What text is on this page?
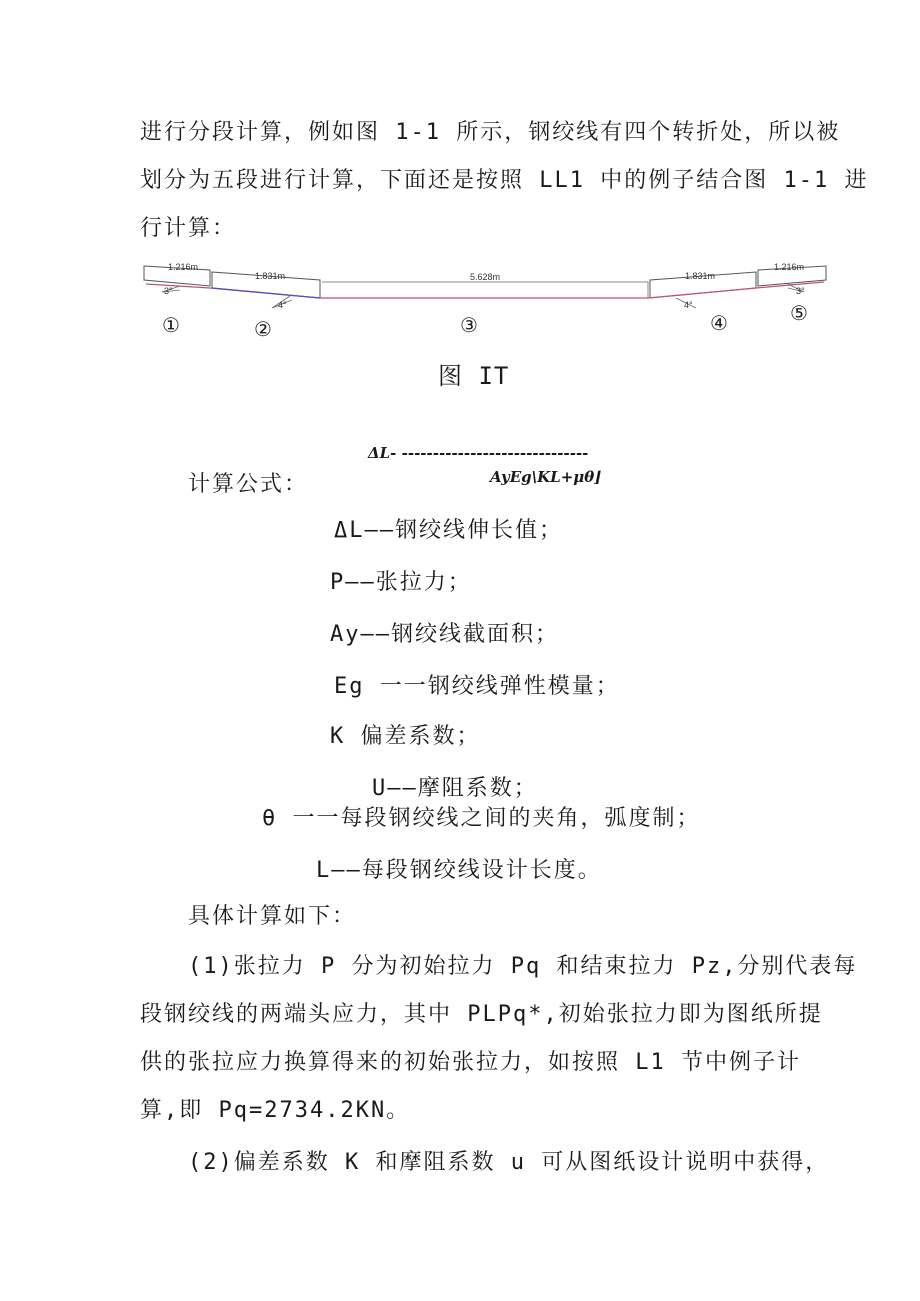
进行分段计算，例如图 1-1 所示，钢绞线有四个转折处，所以被
划分为五段进行计算，下面还是按照 LL1 中的例子结合图 1-1 进
行计算：
1.216m
1.831m	5.628m	1.831m
1.216m
3°
4°	4°
3°
①	②	③	④	⑤
图 IT
ΔL- ------------------------------
计算公式：	AyEg\KL+μθ⌋
ΔL——钢绞线伸长值；
P——张拉力；
Ay——钢绞线截面积；
Eg 一一钢绞线弹性模量；
K 偏差系数；
U——摩阻系数；
θ 一一每段钢绞线之间的夹角，弧度制；
L——每段钢绞线设计长度。
具体计算如下：
(1)张拉力 P 分为初始拉力 Pq 和结束拉力 Pz,分别代表每
段钢绞线的两端头应力，其中 PLPq*,初始张拉力即为图纸所提
供的张拉应力换算得来的初始张拉力，如按照 L1 节中例子计
算,即 Pq=2734.2KN。
(2)偏差系数 K 和摩阻系数 u 可从图纸设计说明中获得，
